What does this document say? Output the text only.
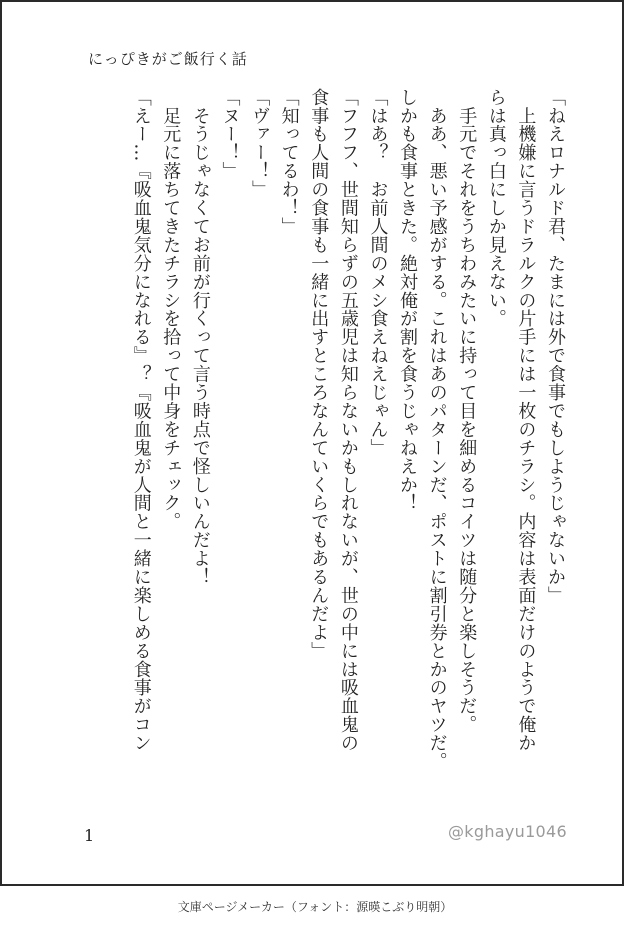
にっぴきがご飯行く話
「ねえロナルド君、たまには外で食事でもしようじゃないか」
　上機嫌に言うドラルクの片手には一枚のチラシ。内容は表面だけのようで俺か
らは真っ白にしか見えない。
　手元でそれをうちわみたいに持って目を細めるコイツは随分と楽しそうだ。
　ああ、悪い予感がする。これはあのパターンだ、ポストに割引券とかのヤツだ。
しかも食事ときた。絶対俺が割を食うじゃねえか！
「はあ？　お前人間のメシ食えねえじゃん」
「フフフ、世間知らずの五歳児は知らないかもしれないが、世の中には吸血鬼の
食事も人間の食事も一緒に出すところなんていくらでもあるんだよ」
「知ってるわ！」
「ヴァー！」
「ヌー！」
　そうじゃなくてお前が行くって言う時点で怪しいんだよ！
　足元に落ちてきたチラシを拾って中身をチェック。
「えー…『吸血鬼気分になれる』？『吸血鬼が人間と一緒に楽しめる食事がコン
1	@kghayu1046
文庫ページメーカー（フォント：源暎こぶり明朝）
